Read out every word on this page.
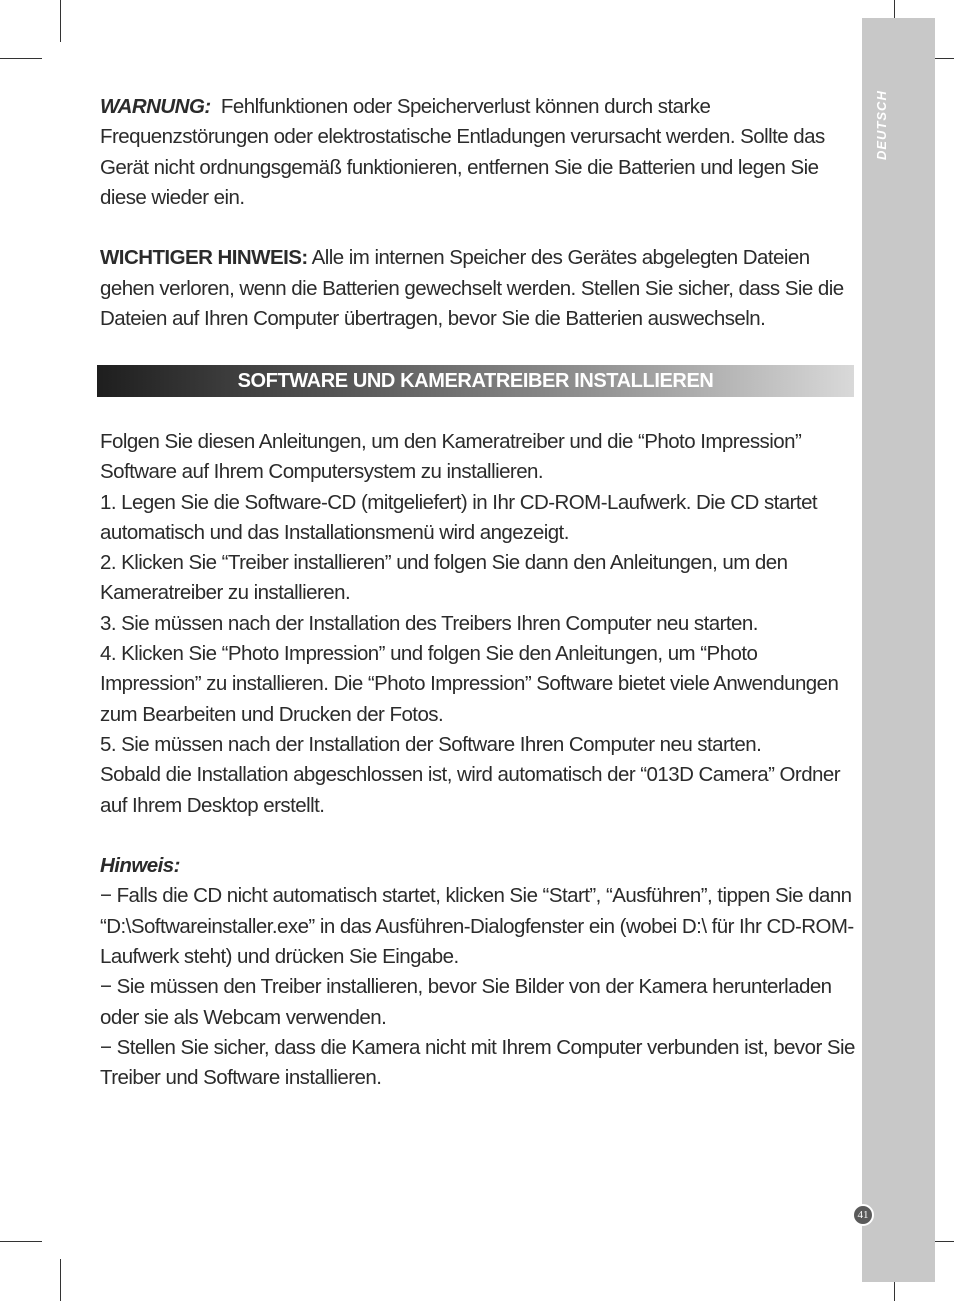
DEUTSCH
41

WARNUNG: Fehlfunktionen oder Speicherverlust können durch starke Frequenzstörungen oder elektrostatische Entladungen verursacht werden. Sollte das Gerät nicht ordnungsgemäß funktionieren, entfernen Sie die Batterien und legen Sie diese wieder ein.

WICHTIGER HINWEIS: Alle im internen Speicher des Gerätes abgelegten Dateien gehen verloren, wenn die Batterien gewechselt werden. Stellen Sie sicher, dass Sie die Dateien auf Ihren Computer übertragen, bevor Sie die Batterien auswechseln.

SOFTWARE UND KAMERATREIBER INSTALLIEREN

Folgen Sie diesen Anleitungen, um den Kameratreiber und die “Photo Impression” Software auf Ihrem Computersystem zu installieren.

1. Legen Sie die Software-CD (mitgeliefert) in Ihr CD-ROM-Laufwerk. Die CD startet automatisch und das Installationsmenü wird angezeigt.

2. Klicken Sie “Treiber installieren” und folgen Sie dann den Anleitungen, um den Kameratreiber zu installieren.

3. Sie müssen nach der Installation des Treibers Ihren Computer neu starten.

4. Klicken Sie “Photo Impression” und folgen Sie den Anleitungen, um “Photo Impression” zu installieren. Die “Photo Impression” Software bietet viele Anwendungen zum Bearbeiten und Drucken der Fotos.

5. Sie müssen nach der Installation der Software Ihren Computer neu starten.

Sobald die Installation abgeschlossen ist, wird automatisch der “013D Camera” Ordner auf Ihrem Desktop erstellt.

Hinweis:

− Falls die CD nicht automatisch startet, klicken Sie “Start”, “Ausführen”, tippen Sie dann “D:\Softwareinstaller.exe” in das Ausführen-Dialogfenster ein (wobei D:\ für Ihr CD-ROM-Laufwerk steht) und drücken Sie Eingabe.

− Sie müssen den Treiber installieren, bevor Sie Bilder von der Kamera herunterladen oder sie als Webcam verwenden.

− Stellen Sie sicher, dass die Kamera nicht mit Ihrem Computer verbunden ist, bevor Sie Treiber und Software installieren.
